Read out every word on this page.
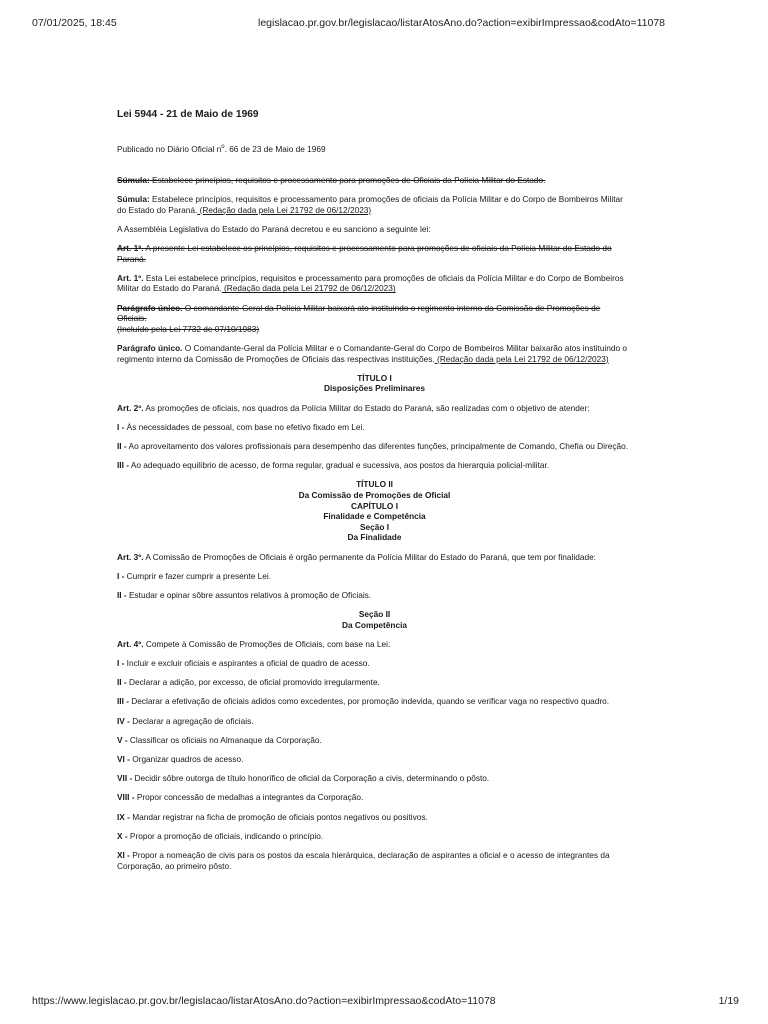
07/01/2025, 18:45	legislacao.pr.gov.br/legislacao/listarAtosAno.do?action=exibirImpressao&codAto=11078
Lei 5944 - 21 de Maio de 1969

Publicado no Diário Oficial $n^o$. 66 de 23 de Maio de 1969

Súmula: Estabelece princípios, requisitos e processamento para promoções de Oficiais da Polícia Militar do Estado.

Súmula: Estabelece princípios, requisitos e processamento para promoções de oficiais da Polícia Militar e do Corpo de Bombeiros Militar do Estado do Paraná. (Redação dada pela Lei 21792 de 06/12/2023)

A Assembléia Legislativa do Estado do Paraná decretou e eu sanciono a seguinte lei:

Art. 1º. A presente Lei estabelece os princípios, requisitos e processamento para promoções de oficiais da Polícia Militar do Estado do Paraná.

Art. 1º. Esta Lei estabelece princípios, requisitos e processamento para promoções de oficiais da Polícia Militar e do Corpo de Bombeiros Militar do Estado do Paraná. (Redação dada pela Lei 21792 de 06/12/2023)

Parágrafo único. O comandante-Geral da Polícia Militar baixará ato instituindo o regimento interno da Comissão de Promoções de Oficiais.
(Incluído pela Lei 7732 de 07/10/1983)

Parágrafo único. O Comandante-Geral da Polícia Militar e o Comandante-Geral do Corpo de Bombeiros Militar baixarão atos instituindo o regimento interno da Comissão de Promoções de Oficiais das respectivas instituições. (Redação dada pela Lei 21792 de 06/12/2023)

TÍTULO I
Disposições Preliminares

Art. 2º. As promoções de oficiais, nos quadros da Polícia Militar do Estado do Paraná, são realizadas com o objetivo de atender:

I - Às necessidades de pessoal, com base no efetivo fixado em Lei.

II - Ao aproveitamento dos valores profissionais para desempenho das diferentes funções, principalmente de Comando, Chefia ou Direção.

III - Ao adequado equilíbrio de acesso, de forma regular, gradual e sucessiva, aos postos da hierarquia policial-militar.

TÍTULO II
Da Comissão de Promoções de Oficial
CAPÍTULO I
Finalidade e Competência
Seção I
Da Finalidade

Art. 3º. A Comissão de Promoções de Oficiais é orgão permanente da Polícia Militar do Estado do Paraná, que tem por finalidade:

I - Cumprir e fazer cumprir a presente Lei.

II - Estudar e opinar sôbre assuntos relativos à promoção de Oficiais.

Seção II
Da Competência

Art. 4º. Compete à Comissão de Promoções de Oficiais, com base na Lei:

I - Incluir e excluir oficiais e aspirantes a oficial de quadro de acesso.

II - Declarar a adição, por excesso, de oficial promovido irregularmente.

III - Declarar a efetivação de oficiais adidos como excedentes, por promoção indevida, quando se verificar vaga no respectivo quadro.

IV - Declarar a agregação de oficiais.

V - Classificar os oficiais no Almanaque da Corporação.

VI - Organizar quadros de acesso.

VII - Decidir sôbre outorga de título honorífico de oficial da Corporação a civis, determinando o pôsto.

VIII - Propor concessão de medalhas a integrantes da Corporação.

IX - Mandar registrar na ficha de promoção de oficiais pontos negativos ou positivos.

X - Propor a promoção de oficiais, indicando o princípio.

XI - Propor a nomeação de civis para os postos da escala hierárquica, declaração de aspirantes a oficial e o acesso de integrantes da Corporação, ao primeiro pôsto.

https://www.legislacao.pr.gov.br/legislacao/listarAtosAno.do?action=exibirImpressao&codAto=11078	1/19
